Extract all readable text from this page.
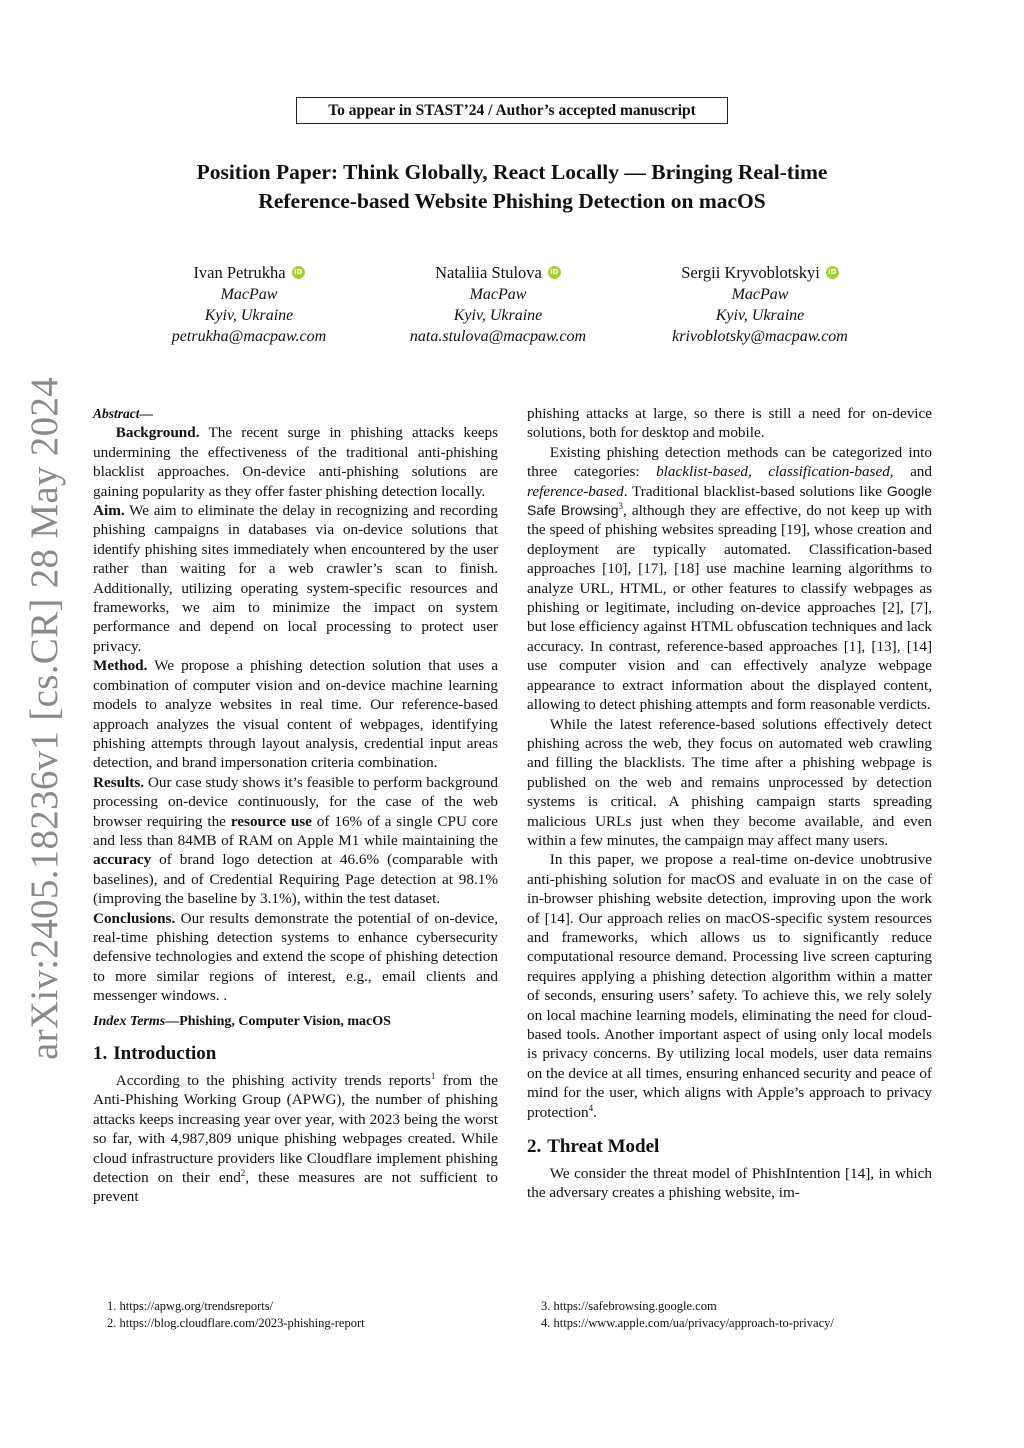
To appear in STAST’24 / Author’s accepted manuscript
Position Paper: Think Globally, React Locally — Bringing Real-time
Reference-based Website Phishing Detection on macOS
Ivan Petrukha	iD
MacPaw
Kyiv, Ukraine
petrukha@macpaw.com
Nataliia Stulova	iD
MacPaw
Kyiv, Ukraine
nata.stulova@macpaw.com
Sergii Kryvoblotskyi	iD
MacPaw
Kyiv, Ukraine
krivoblotsky@macpaw.com
arXiv:2405.18236v1 [cs.CR] 28 May 2024	Abstract—

Background. The recent surge in phishing attacks keeps undermining the effectiveness of the traditional anti-phishing blacklist approaches. On-device anti-phishing solutions are gaining popularity as they offer faster phishing detection locally.

Aim. We aim to eliminate the delay in recognizing and recording phishing campaigns in databases via on-device solutions that identify phishing sites immediately when encountered by the user rather than waiting for a web crawler’s scan to finish. Additionally, utilizing operating system-specific resources and frameworks, we aim to minimize the impact on system performance and depend on local processing to protect user privacy.

Method. We propose a phishing detection solution that uses a combination of computer vision and on-device machine learning models to analyze websites in real time. Our reference-based approach analyzes the visual content of webpages, identifying phishing attempts through layout analysis, credential input areas detection, and brand impersonation criteria combination.

Results. Our case study shows it’s feasible to perform background processing on-device continuously, for the case of the web browser requiring the resource use of 16% of a single CPU core and less than 84MB of RAM on Apple M1 while maintaining the accuracy of brand logo detection at 46.6% (comparable with baselines), and of Credential Requiring Page detection at 98.1% (improving the baseline by 3.1%), within the test dataset.

Conclusions. Our results demonstrate the potential of on-device, real-time phishing detection systems to enhance cybersecurity defensive technologies and extend the scope of phishing detection to more similar regions of interest, e.g., email clients and messenger windows. .

Index Terms—Phishing, Computer Vision, macOS

1. Introduction

According to the phishing activity trends reports$^1$ from the Anti-Phishing Working Group (APWG), the number of phishing attacks keeps increasing year over year, with 2023 being the worst so far, with 4,987,809 unique phishing webpages created. While cloud infrastructure providers like Cloudflare implement phishing detection on their end$^2$, these measures are not sufficient to prevent

phishing attacks at large, so there is still a need for on-device solutions, both for desktop and mobile.

Existing phishing detection methods can be categorized into three categories: blacklist-based, classification-based, and reference-based. Traditional blacklist-based solutions like Google Safe Browsing$^3$, although they are effective, do not keep up with the speed of phishing websites spreading [19], whose creation and deployment are typically automated. Classification-based approaches [10], [17], [18] use machine learning algorithms to analyze URL, HTML, or other features to classify webpages as phishing or legitimate, including on-device approaches [2], [7], but lose efficiency against HTML obfuscation techniques and lack accuracy. In contrast, reference-based approaches [1], [13], [14] use computer vision and can effectively analyze webpage appearance to extract information about the displayed content, allowing to detect phishing attempts and form reasonable verdicts.

While the latest reference-based solutions effectively detect phishing across the web, they focus on automated web crawling and filling the blacklists. The time after a phishing webpage is published on the web and remains unprocessed by detection systems is critical. A phishing campaign starts spreading malicious URLs just when they become available, and even within a few minutes, the campaign may affect many users.

In this paper, we propose a real-time on-device unobtrusive anti-phishing solution for macOS and evaluate in on the case of in-browser phishing website detection, improving upon the work of [14]. Our approach relies on macOS-specific system resources and frameworks, which allows us to significantly reduce computational resource demand. Processing live screen capturing requires applying a phishing detection algorithm within a matter of seconds, ensuring users’ safety. To achieve this, we rely solely on local machine learning models, eliminating the need for cloud-based tools. Another important aspect of using only local models is privacy concerns. By utilizing local models, user data remains on the device at all times, ensuring enhanced security and peace of mind for the user, which aligns with Apple’s approach to privacy protection$^4$.

2. Threat Model

We consider the threat model of PhishIntention [14], in which the adversary creates a phishing website, im-

1. https://apwg.org/trendsreports/
2. https://blog.cloudflare.com/2023-phishing-report
3. https://safebrowsing.google.com
4. https://www.apple.com/ua/privacy/approach-to-privacy/
